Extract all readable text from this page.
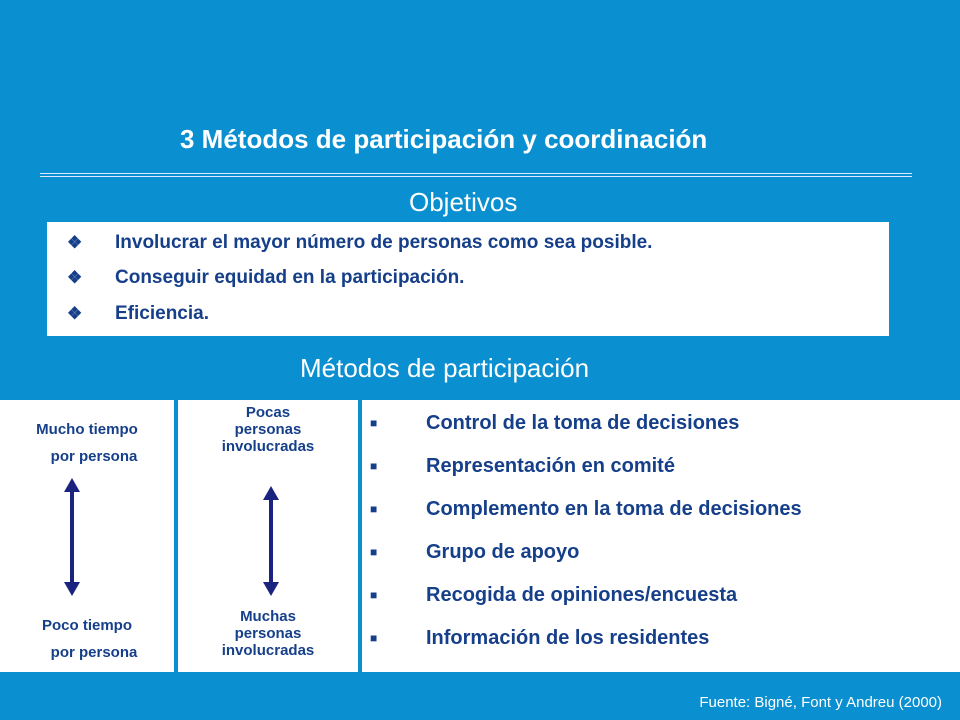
3 Métodos de participación y coordinación
Objetivos
❖ Involucrar el mayor número de personas como sea posible.
❖ Conseguir equidad en la participación.
❖ Eficiencia.
Métodos de participación
Mucho tiempo
por persona
Poco tiempo
por persona
Pocas
personas
involucradas
Muchas
personas
involucradas
■ Control de la toma de decisiones
■ Representación en comité
■ Complemento en la toma de decisiones
■ Grupo de apoyo
■ Recogida de opiniones/encuesta
■ Información de los residentes
Fuente: Bigné, Font y Andreu (2000)
